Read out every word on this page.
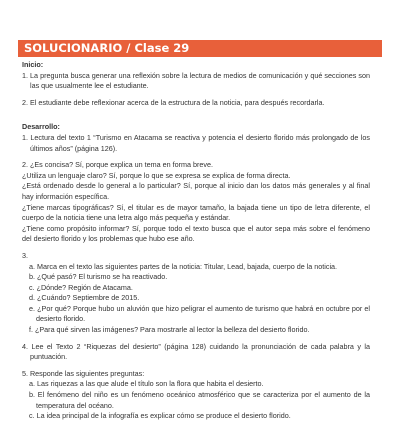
SOLUCIONARIO / Clase 29
Inicio:

1. La pregunta busca generar una reflexión sobre la lectura de medios de comunicación y qué secciones son las que usualmente lee el estudiante.

2. El estudiante debe reflexionar acerca de la estructura de la noticia, para después recordarla.

Desarrollo:

1. Lectura del texto 1 “Turismo en Atacama se reactiva y potencia el desierto florido más prolongado de los últimos años” (página 126).

2. ¿Es concisa? Sí, porque explica un tema en forma breve.

¿Utiliza un lenguaje claro? Sí, porque lo que se expresa se explica de forma directa.

¿Está ordenado desde lo general a lo particular? Sí, porque al inicio dan los datos más generales y al final hay información específica.

¿Tiene marcas tipográficas? Sí, el titular es de mayor tamaño, la bajada tiene un tipo de letra diferente, el cuerpo de la noticia tiene una letra algo más pequeña y estándar.

¿Tiene como propósito informar? Sí, porque todo el texto busca que el autor sepa más sobre el fenómeno del desierto florido y los problemas que hubo ese año.

3.

a. Marca en el texto las siguientes partes de la noticia: Titular, Lead, bajada, cuerpo de la noticia.

b. ¿Qué pasó? El turismo se ha reactivado.

c. ¿Dónde? Región de Atacama.

d. ¿Cuándo? Septiembre de 2015.

e. ¿Por qué? Porque hubo un aluvión que hizo peligrar el aumento de turismo que habrá en octubre por el desierto florido.

f. ¿Para qué sirven las imágenes? Para mostrarle al lector la belleza del desierto florido.

4. Lee el Texto 2 “Riquezas del desierto” (página 128) cuidando la pronunciación de cada palabra y la puntuación.

5. Responde las siguientes preguntas:

a. Las riquezas a las que alude el título son la flora que habita el desierto.

b. El fenómeno del niño es un fenómeno oceánico atmosférico que se caracteriza por el aumento de la temperatura del océano.

c. La idea principal de la infografía es explicar cómo se produce el desierto florido.
